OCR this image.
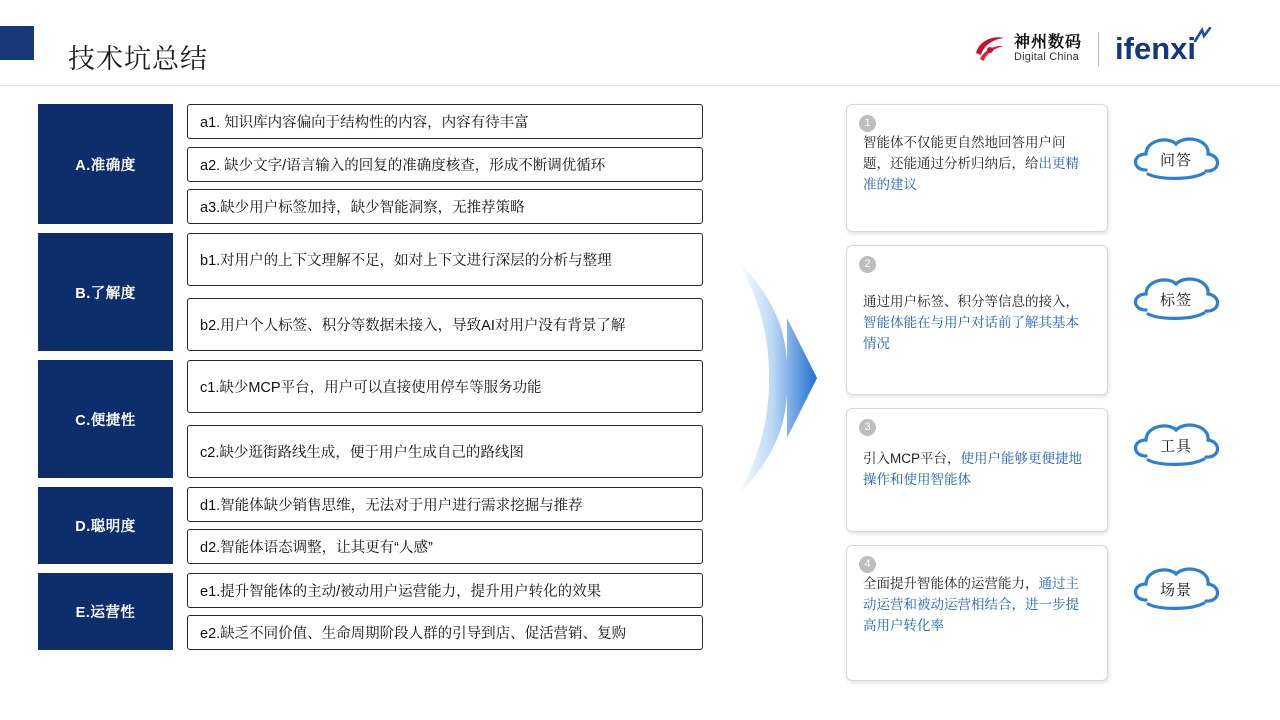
技术坑总结
神州数码
Digital China ifenxi
A.准确度
a1. 知识库内容偏向于结构性的内容，内容有待丰富
a2. 缺少文字/语言输入的回复的准确度核查，形成不断调优循环
a3.缺少用户标签加持，缺少智能洞察，无推荐策略
B.了解度
b1.对用户的上下文理解不足，如对上下文进行深层的分析与整理
b2.用户个人标签、积分等数据未接入，导致AI对用户没有背景了解
C.便捷性
c1.缺少MCP平台，用户可以直接使用停车等服务功能
c2.缺少逛街路线生成，便于用户生成自己的路线图
D.聪明度
d1.智能体缺少销售思维，无法对于用户进行需求挖掘与推荐
d2.智能体语态调整，让其更有“人感”
E.运营性
e1.提升智能体的主动/被动用户运营能力，提升用户转化的效果
e2.缺乏不同价值、生命周期阶段人群的引导到店、促活营销、复购
1
智能体不仅能更自然地回答用户问题，还能通过分析归纳后，给出更精准的建议
2
通过用户标签、积分等信息的接入，智能体能在与用户对话前了解其基本情况
3
引入MCP平台，使用户能够更便捷地操作和使用智能体
4
全面提升智能体的运营能力，通过主动运营和被动运营相结合，进一步提高用户转化率
问答
标签
工具
场景
